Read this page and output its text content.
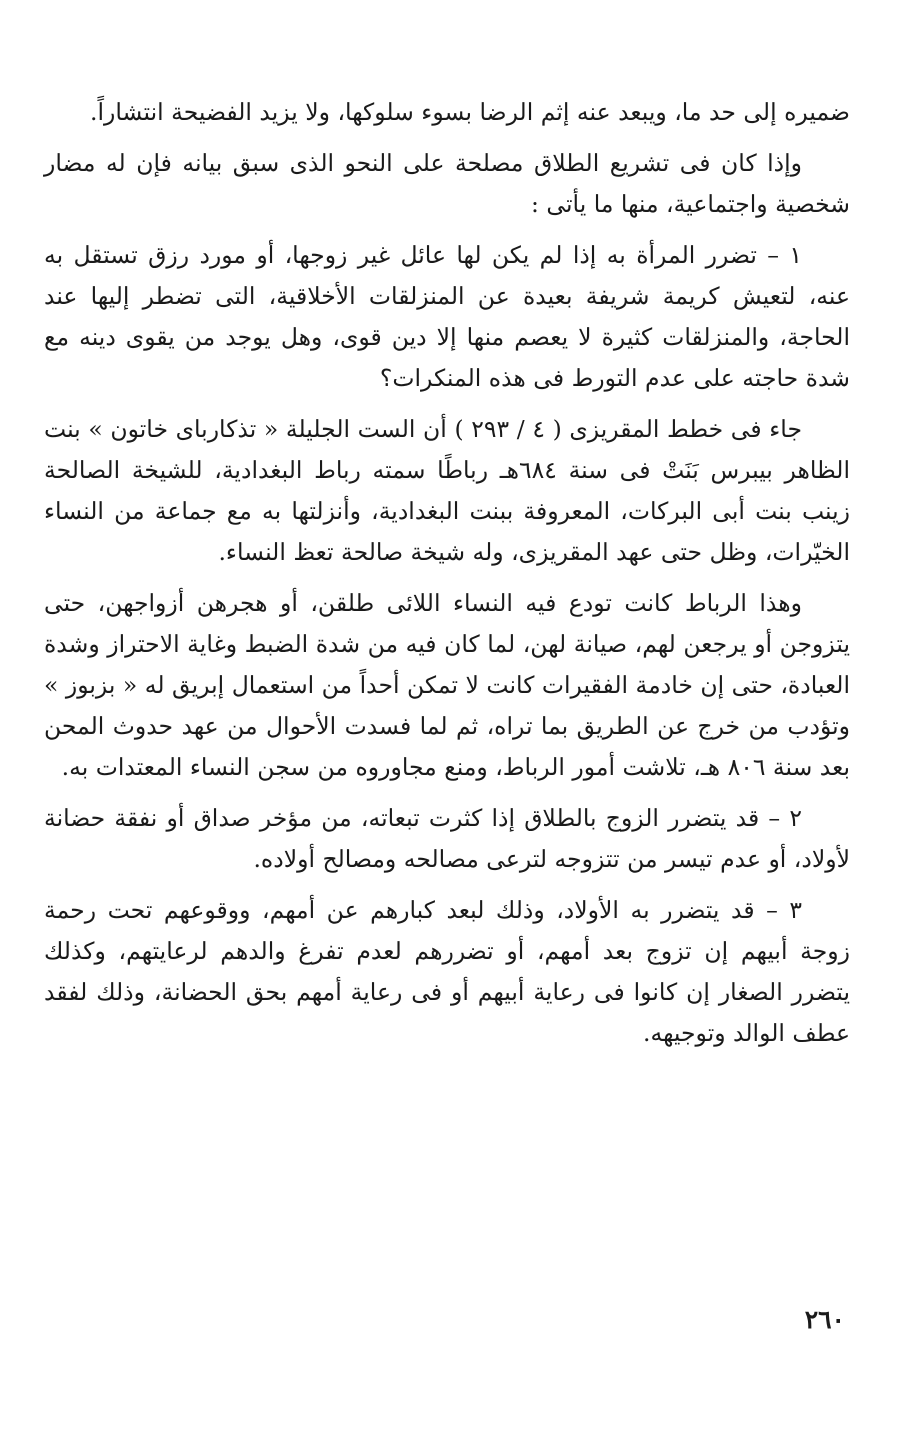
ضميره إلى حد ما، ويبعد عنه إثم الرضا بسوء سلوكها، ولا يزيد الفضيحة انتشاراً.

وإذا كان فى تشريع الطلاق مصلحة على النحو الذى سبق بيانه فإن له مضار شخصية واجتماعية، منها ما يأتى :

١ – تضرر المرأة به إذا لم يكن لها عائل غير زوجها، أو مورد رزق تستقل به عنه، لتعيش كريمة شريفة بعيدة عن المنزلقات الأخلاقية، التى تضطر إليها عند الحاجة، والمنزلقات كثيرة لا يعصم منها إلا دين قوى، وهل يوجد من يقوى دينه مع شدة حاجته على عدم التورط فى هذه المنكرات؟

جاء فى خطط المقريزى ( ٤ / ٢٩٣ ) أن الست الجليلة « تذكارباى خاتون » بنت الظاهر بيبرس بَنَتْ فى سنة ٦٨٤هـ رباطًا سمته رباط البغدادية، للشيخة الصالحة زينب بنت أبى البركات، المعروفة ببنت البغدادية، وأنزلتها به مع جماعة من النساء الخيّرات، وظل حتى عهد المقريزى، وله شيخة صالحة تعظ النساء.

وهذا الرباط كانت تودع فيه النساء اللائى طلقن، أو هجرهن أزواجهن، حتى يتزوجن أو يرجعن لهم، صيانة لهن، لما كان فيه من شدة الضبط وغاية الاحتراز وشدة العبادة، حتى إن خادمة الفقيرات كانت لا تمكن أحداً من استعمال إبريق له « بزبوز » وتؤدب من خرج عن الطريق بما تراه، ثم لما فسدت الأحوال من عهد حدوث المحن بعد سنة ٨٠٦ هـ، تلاشت أمور الرباط، ومنع مجاوروه من سجن النساء المعتدات به.

٢ – قد يتضرر الزوج بالطلاق إذا كثرت تبعاته، من مؤخر صداق أو نفقة حضانة لأولاد، أو عدم تيسر من تتزوجه لترعى مصالحه ومصالح أولاده.

٣ – قد يتضرر به الأولاد، وذلك لبعد كبارهم عن أمهم، ووقوعهم تحت رحمة زوجة أبيهم إن تزوج بعد أمهم، أو تضررهم لعدم تفرغ والدهم لرعايتهم، وكذلك يتضرر الصغار إن كانوا فى رعاية أبيهم أو فى رعاية أمهم بحق الحضانة، وذلك لفقد عطف الوالد وتوجيهه.

٢٦٠
